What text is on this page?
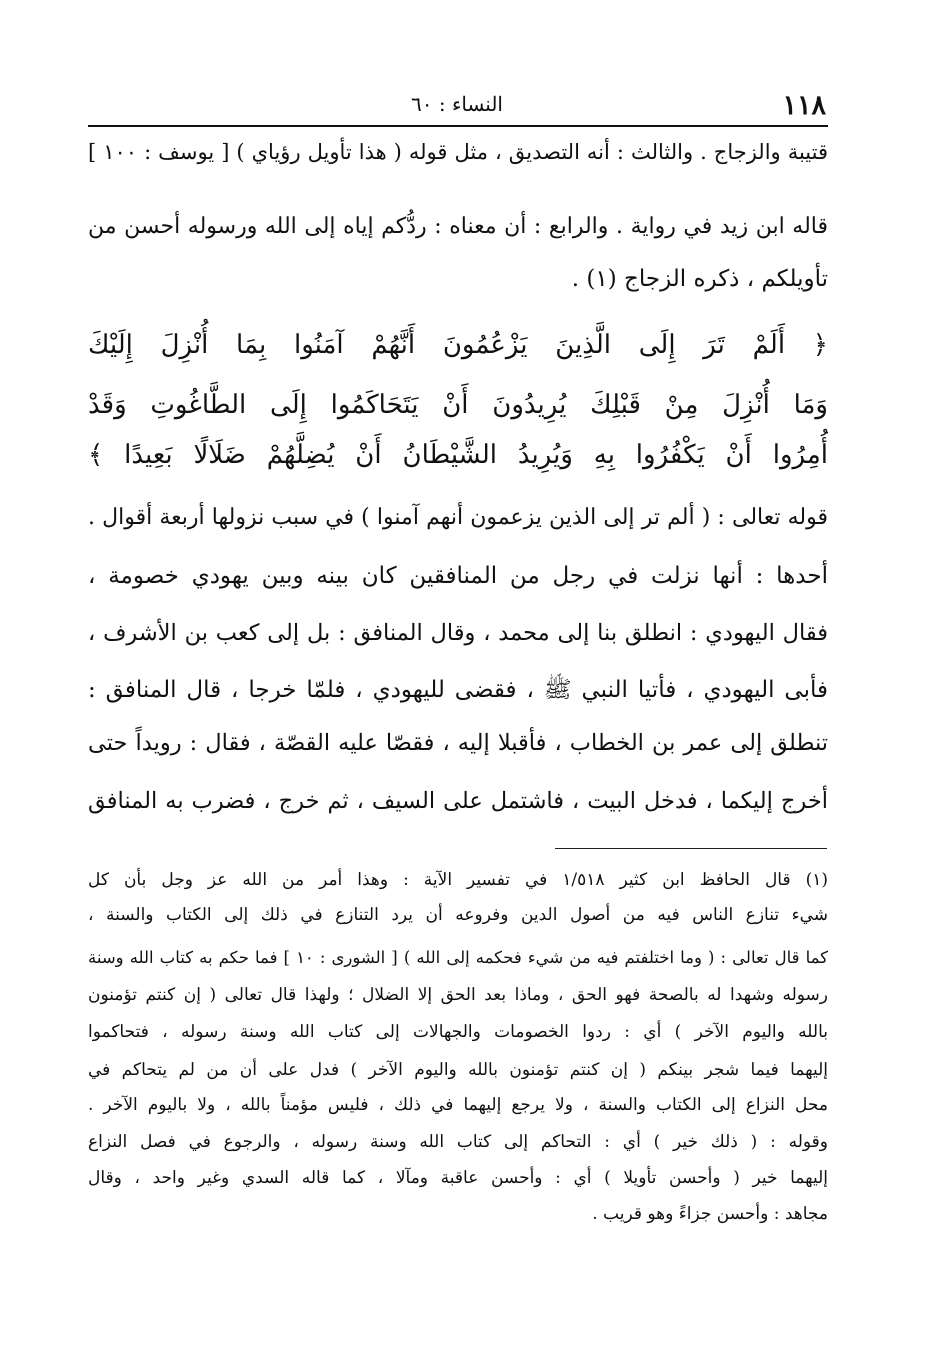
١١٨
النساء : ٦٠
قتيبة والزجاج . والثالث : أنه التصديق ، مثل قوله ( هذا تأويل رؤياي ) [ يوسف : ١٠٠ ]
قاله ابن زيد في رواية . والرابع : أن معناه : ردُّكم إياه إلى الله ورسوله أحسن من
تأويلكم ، ذكره الزجاج (١) .
﴿ أَلَمْ تَرَ إِلَى الَّذِينَ يَزْعُمُونَ أَنَّهُمْ آمَنُوا بِمَا أُنْزِلَ إِلَيْكَ
وَمَا أُنْزِلَ مِنْ قَبْلِكَ يُرِيدُونَ أَنْ يَتَحَاكَمُوا إِلَى الطَّاغُوتِ وَقَدْ
أُمِرُوا أَنْ يَكْفُرُوا بِهِ وَيُرِيدُ الشَّيْطَانُ أَنْ يُضِلَّهُمْ ضَلَالًا بَعِيدًا ﴾
قوله تعالى : ( ألم تر إلى الذين يزعمون أنهم آمنوا ) في سبب نزولها أربعة أقوال .
أحدها : أنها نزلت في رجل من المنافقين كان بينه وبين يهودي خصومة ،
فقال اليهودي : انطلق بنا إلى محمد ، وقال المنافق : بل إلى كعب بن الأشرف ،
فأبى اليهودي ، فأتيا النبي ﷺ ، فقضى لليهودي ، فلمّا خرجا ، قال المنافق :
تنطلق إلى عمر بن الخطاب ، فأقبلا إليه ، فقصّا عليه القصّة ، فقال : رويداً حتى
أخرج إليكما ، فدخل البيت ، فاشتمل على السيف ، ثم خرج ، فضرب به المنافق
(١) قال الحافظ ابن كثير ١/٥١٨ في تفسير الآية : وهذا أمر من الله عز وجل بأن كل
شيء تنازع الناس فيه من أصول الدين وفروعه أن يرد التنازع في ذلك إلى الكتاب والسنة ،
كما قال تعالى : ( وما اختلفتم فيه من شيء فحكمه إلى الله ) [ الشورى : ١٠ ] فما حكم به كتاب الله وسنة
رسوله وشهدا له بالصحة فهو الحق ، وماذا بعد الحق إلا الضلال ؛ ولهذا قال تعالى ( إن كنتم تؤمنون
بالله واليوم الآخر ) أي : ردوا الخصومات والجهالات إلى كتاب الله وسنة رسوله ، فتحاكموا
إليهما فيما شجر بينكم ( إن كنتم تؤمنون بالله واليوم الآخر ) فدل على أن من لم يتحاكم في
محل النزاع إلى الكتاب والسنة ، ولا يرجع إليهما في ذلك ، فليس مؤمناً بالله ، ولا باليوم الآخر .
وقوله : ( ذلك خير ) أي : التحاكم إلى كتاب الله وسنة رسوله ، والرجوع في فصل النزاع
إليهما خير ( وأحسن تأويلا ) أي : وأحسن عاقبة ومآلا ، كما قاله السدي وغير واحد ، وقال
مجاهد : وأحسن جزاءً وهو قريب .
